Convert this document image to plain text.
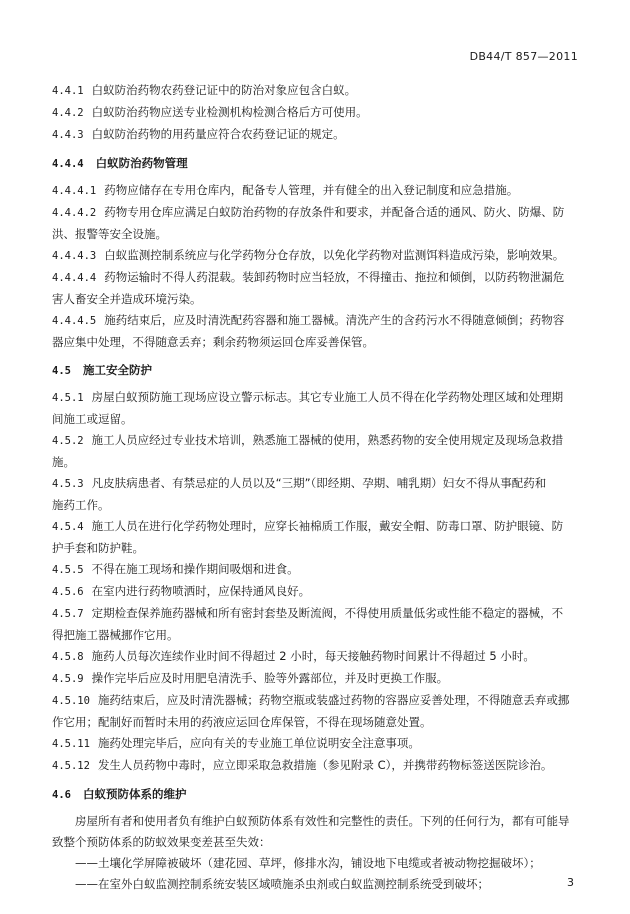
DB44/T 857—2011

4.4.1 白蚁防治药物农药登记证中的防治对象应包含白蚁。

4.4.2 白蚁防治药物应送专业检测机构检测合格后方可使用。

4.4.3 白蚁防治药物的用药量应符合农药登记证的规定。

4.4.4 白蚁防治药物管理

4.4.4.1 药物应储存在专用仓库内，配备专人管理，并有健全的出入登记制度和应急措施。

4.4.4.2 药物专用仓库应满足白蚁防治药物的存放条件和要求，并配备合适的通风、防火、防爆、防
洪、报警等安全设施。

4.4.4.3 白蚁监测控制系统应与化学药物分仓存放，以免化学药物对监测饵料造成污染，影响效果。

4.4.4.4 药物运输时不得人药混载。装卸药物时应当轻放，不得撞击、拖拉和倾倒，以防药物泄漏危
害人畜安全并造成环境污染。

4.4.4.5 施药结束后，应及时清洗配药容器和施工器械。清洗产生的含药污水不得随意倾倒；药物容
器应集中处理，不得随意丢弃；剩余药物须运回仓库妥善保管。

4.5 施工安全防护

4.5.1 房屋白蚁预防施工现场应设立警示标志。其它专业施工人员不得在化学药物处理区域和处理期
间施工或逗留。

4.5.2 施工人员应经过专业技术培训，熟悉施工器械的使用，熟悉药物的安全使用规定及现场急救措
施。

4.5.3 凡皮肤病患者、有禁忌症的人员以及“三期”（即经期、孕期、哺乳期）妇女不得从事配药和
施药工作。

4.5.4 施工人员在进行化学药物处理时，应穿长袖棉质工作服，戴安全帽、防毒口罩、防护眼镜、防
护手套和防护鞋。

4.5.5 不得在施工现场和操作期间吸烟和进食。

4.5.6 在室内进行药物喷洒时，应保持通风良好。

4.5.7 定期检查保养施药器械和所有密封套垫及断流阀，不得使用质量低劣或性能不稳定的器械，不
得把施工器械挪作它用。

4.5.8 施药人员每次连续作业时间不得超过 2 小时，每天接触药物时间累计不得超过 5 小时。

4.5.9 操作完毕后应及时用肥皂清洗手、脸等外露部位，并及时更换工作服。

4.5.10 施药结束后，应及时清洗器械；药物空瓶或装盛过药物的容器应妥善处理，不得随意丢弃或挪
作它用；配制好而暂时未用的药液应运回仓库保管，不得在现场随意处置。

4.5.11 施药处理完毕后，应向有关的专业施工单位说明安全注意事项。

4.5.12 发生人员药物中毒时，应立即采取急救措施（参见附录 C），并携带药物标签送医院诊治。

4.6 白蚁预防体系的维护

房屋所有者和使用者负有维护白蚁预防体系有效性和完整性的责任。下列的任何行为，都有可能导
致整个预防体系的防蚁效果变差甚至失效：

——土壤化学屏障被破坏（建花园、草坪，修排水沟，铺设地下电缆或者被动物挖掘破坏）；

——在室外白蚁监测控制系统安装区域喷施杀虫剂或白蚁监测控制系统受到破坏；	3
